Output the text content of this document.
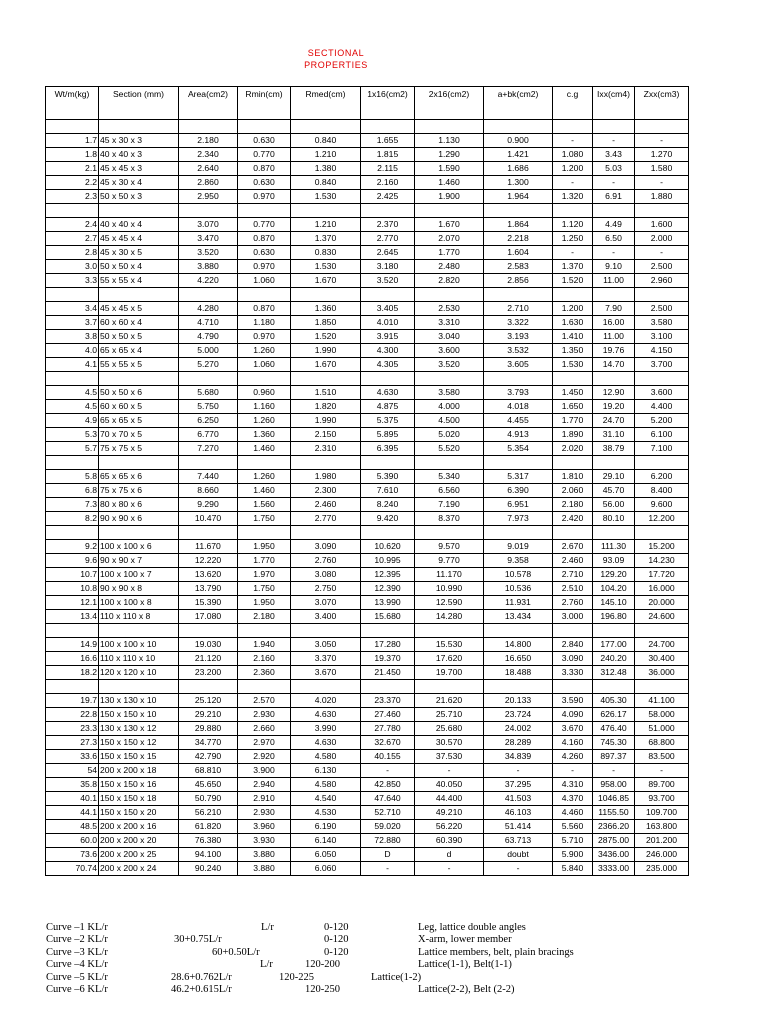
SECTIONAL
PROPERTIES
Wt/m(kg)	Section (mm)	Area(cm2)	Rmin(cm)	Rmed(cm)	1x16(cm2)	2x16(cm2)	a+bk(cm2)	c.g	Ixx(cm4)	Zxx(cm3)

1.7	45 x 30 x 3	2.180	0.630	0.840	1.655	1.130	0.900	-	-	-
1.8	40 x 40 x 3	2.340	0.770	1.210	1.815	1.290	1.421	1.080	3.43	1.270
2.1	45 x 45 x 3	2.640	0.870	1.380	2.115	1.590	1.686	1.200	5.03	1.580
2.2	45 x 30 x 4	2.860	0.630	0.840	2.160	1.460	1.300	-	-	-
2.3	50 x 50 x 3	2.950	0.970	1.530	2.425	1.900	1.964	1.320	6.91	1.880

2.4	40 x 40 x 4	3.070	0.770	1.210	2.370	1.670	1.864	1.120	4.49	1.600
2.7	45 x 45 x 4	3.470	0.870	1.370	2.770	2.070	2.218	1.250	6.50	2.000
2.8	45 x 30 x 5	3.520	0.630	0.830	2.645	1.770	1.604	-	-	-
3.0	50 x 50 x 4	3.880	0.970	1.530	3.180	2.480	2.583	1.370	9.10	2.500
3.3	55 x 55 x 4	4.220	1.060	1.670	3.520	2.820	2.856	1.520	11.00	2.960

3.4	45 x 45 x 5	4.280	0.870	1.360	3.405	2.530	2.710	1.200	7.90	2.500
3.7	60 x 60 x 4	4.710	1.180	1.850	4.010	3.310	3.322	1.630	16.00	3.580
3.8	50 x 50 x 5	4.790	0.970	1.520	3.915	3.040	3.193	1.410	11.00	3.100
4.0	65 x 65 x 4	5.000	1.260	1.990	4.300	3.600	3.532	1.350	19.76	4.150
4.1	55 x 55 x 5	5.270	1.060	1.670	4.305	3.520	3.605	1.530	14.70	3.700

4.5	50 x 50 x 6	5.680	0.960	1.510	4.630	3.580	3.793	1.450	12.90	3.600
4.5	60 x 60 x 5	5.750	1.160	1.820	4.875	4.000	4.018	1.650	19.20	4.400
4.9	65 x 65 x 5	6.250	1.260	1.990	5.375	4.500	4.455	1.770	24.70	5.200
5.3	70 x 70 x 5	6.770	1.360	2.150	5.895	5.020	4.913	1.890	31.10	6.100
5.7	75 x 75 x 5	7.270	1.460	2.310	6.395	5.520	5.354	2.020	38.79	7.100

5.8	65 x 65 x 6	7.440	1.260	1.980	5.390	5.340	5.317	1.810	29.10	6.200
6.8	75 x 75 x 6	8.660	1.460	2.300	7.610	6.560	6.390	2.060	45.70	8.400
7.3	80 x 80 x 6	9.290	1.560	2.460	8.240	7.190	6.951	2.180	56.00	9.600
8.2	90 x 90 x 6	10.470	1.750	2.770	9.420	8.370	7.973	2.420	80.10	12.200

9.2	100 x 100 x 6	11.670	1.950	3.090	10.620	9.570	9.019	2.670	111.30	15.200
9.6	90 x 90 x 7	12.220	1.770	2.760	10.995	9.770	9.358	2.460	93.09	14.230
10.7	100 x 100 x 7	13.620	1.970	3.080	12.395	11.170	10.578	2.710	129.20	17.720
10.8	90 x 90 x 8	13.790	1.750	2.750	12.390	10.990	10.536	2.510	104.20	16.000
12.1	100 x 100 x 8	15.390	1.950	3.070	13.990	12.590	11.931	2.760	145.10	20.000
13.4	110 x 110 x 8	17.080	2.180	3.400	15.680	14.280	13.434	3.000	196.80	24.600

14.9	100 x 100 x 10	19.030	1.940	3.050	17.280	15.530	14.800	2.840	177.00	24.700
16.6	110 x 110 x 10	21.120	2.160	3.370	19.370	17.620	16.650	3.090	240.20	30.400
18.2	120 x 120 x 10	23.200	2.360	3.670	21.450	19.700	18.488	3.330	312.48	36.000

19.7	130 x 130 x 10	25.120	2.570	4.020	23.370	21.620	20.133	3.590	405.30	41.100
22.8	150 x 150 x 10	29.210	2.930	4.630	27.460	25.710	23.724	4.090	626.17	58.000
23.3	130 x 130 x 12	29.880	2.660	3.990	27.780	25.680	24.002	3.670	476.40	51.000
27.3	150 x 150 x 12	34.770	2.970	4.630	32.670	30.570	28.289	4.160	745.30	68.800
33.6	150 x 150 x 15	42.790	2.920	4.580	40.155	37.530	34.839	4.260	897.37	83.500
54	200 x 200 x 18	68.810	3.900	6.130	-	-	-	-	-	-
35.8	150 x 150 x 16	45.650	2.940	4.580	42.850	40.050	37.295	4.310	958.00	89.700
40.1	150 x 150 x 18	50.790	2.910	4.540	47.640	44.400	41.503	4.370	1046.85	93.700
44.1	150 x 150 x 20	56.210	2.930	4.530	52.710	49.210	46.103	4.460	1155.50	109.700
48.5	200 x 200 x 16	61.820	3.960	6.190	59.020	56.220	51.414	5.560	2366.20	163.800
60.0	200 x 200 x 20	76.380	3.930	6.140	72.880	60.390	63.713	5.710	2875.00	201.200
73.6	200 x 200 x 25	94.100	3.880	6.050	D	d	doubt	5.900	3436.00	246.000
70.74	200 x 200 x 24	90.240	3.880	6.060	-	-	-	5.840	3333.00	235.000
Curve –1 KL/r	L/r	0-120	Leg, lattice double angles
Curve –2 KL/r	30+0.75L/r	0-120	X-arm, lower member
Curve –3 KL/r	60+0.50L/r	0-120	Lattice members, belt, plain bracings
Curve –4 KL/r	L/r	120-200	Lattice(1-1), Belt(1-1)
Curve –5 KL/r	28.6+0.762L/r	120-225	Lattice(1-2)
Curve –6 KL/r	46.2+0.615L/r	120-250	Lattice(2-2), Belt (2-2)
